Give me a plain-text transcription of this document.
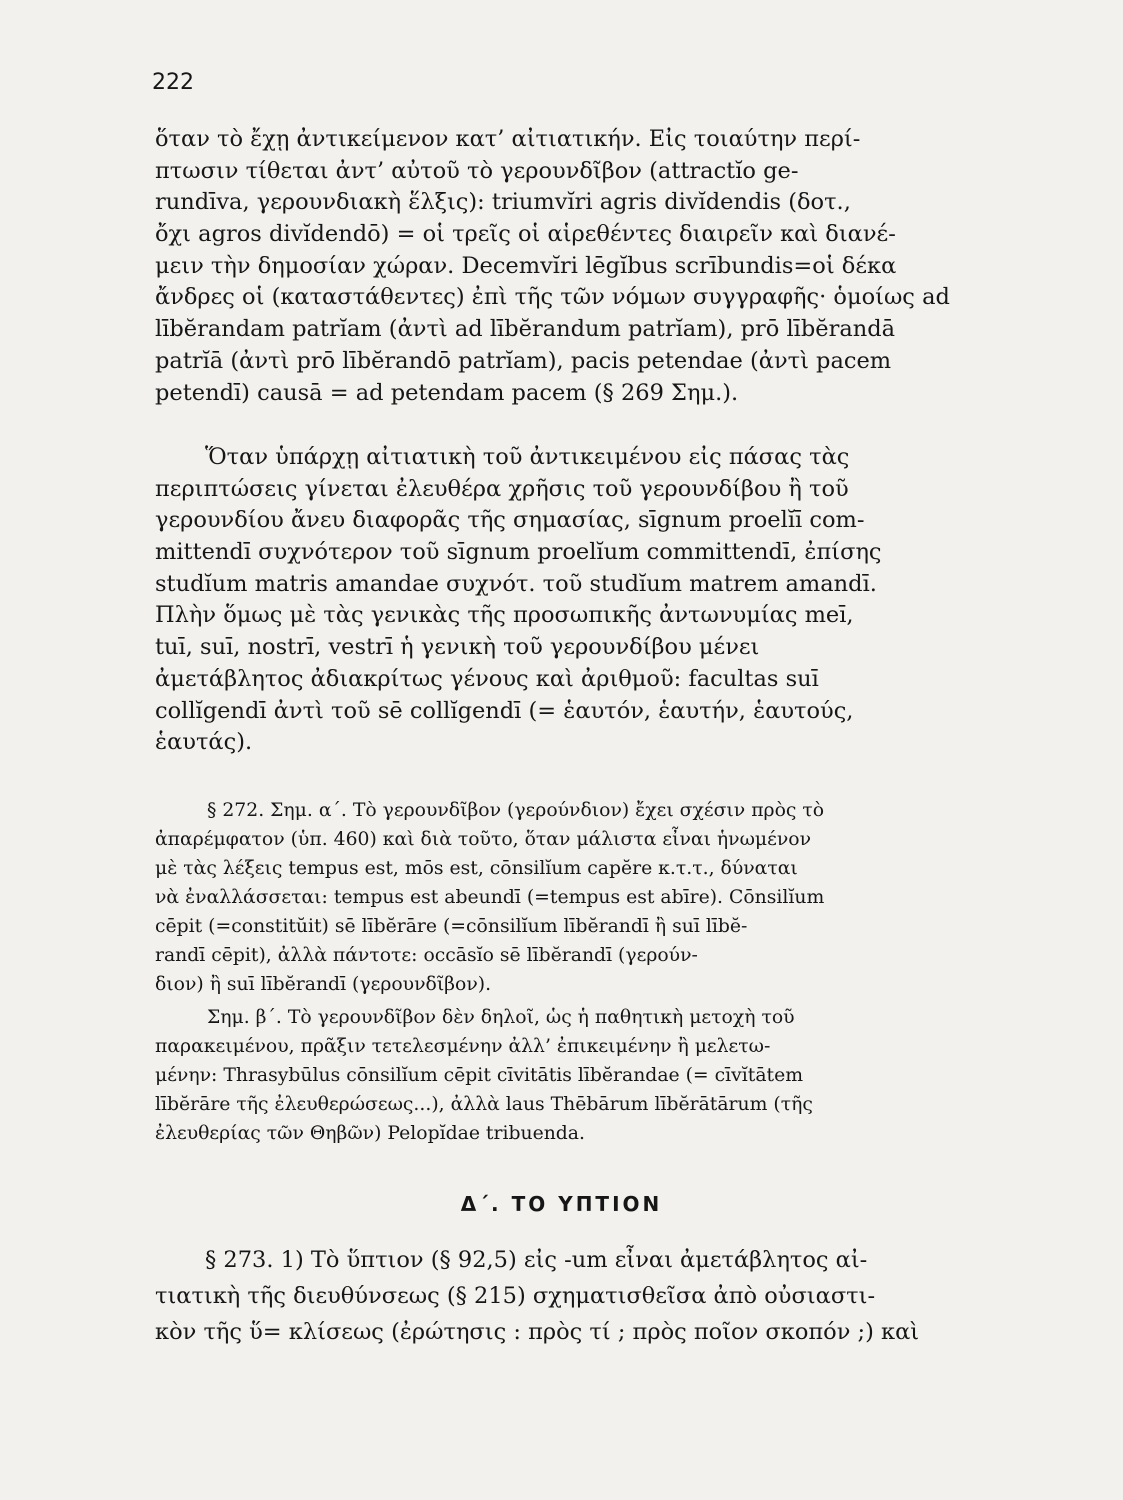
222
ὅταν τὸ ἔχῃ ἀντικείμενον κατ’ αἰτιατικήν. Εἰς τοιαύτην περί-
πτωσιν τίθεται ἀντ’ αὐτοῦ τὸ γερουνδῖβον (attractĭo ge-
rundīva, γερουνδιακὴ ἕλξις): triumvĭri agris divĭdendis (δοτ.,
ὄχι agros divĭdendō) = οἱ τρεῖς οἱ αἱρεθέντες διαιρεῖν καὶ διανέ-
μειν τὴν δημοσίαν χώραν. Decemvĭri lēgĭbus scrībundis=οἱ δέκα
ἄνδρες οἱ (καταστάθεντες) ἐπὶ τῆς τῶν νόμων συγγραφῆς· ὁμοίως ad
lībĕrandam patrĭam (ἀντὶ ad lībĕrandum patrĭam), prō lībĕrandā
patrĭā (ἀντὶ prō lībĕrandō patrĭam), pacis petendae (ἀντὶ pacem
petendī) causā = ad petendam pacem (§ 269 Σημ.).
Ὅταν ὑπάρχῃ αἰτιατικὴ τοῦ ἀντικειμένου εἰς πάσας τὰς
περιπτώσεις γίνεται ἐλευθέρα χρῆσις τοῦ γερουνδίβου ἢ τοῦ
γερουνδίου ἄνευ διαφορᾶς τῆς σημασίας, sīgnum proelĭī com-
mittendī συχνότερον τοῦ sīgnum proelĭum committendī, ἐπίσης
studĭum matris amandae συχνότ. τοῦ studĭum matrem amandī.
Πλὴν ὅμως μὲ τὰς γενικὰς τῆς προσωπικῆς ἀντωνυμίας meī,
tuī, suī, nostrī, vestrī ἡ γενικὴ τοῦ γερουνδίβου μένει
ἀμετάβλητος ἀδιακρίτως γένους καὶ ἀριθμοῦ: facultas suī
collĭgendī ἀντὶ τοῦ sē collĭgendī (= ἑαυτόν, ἑαυτήν, ἑαυτούς,
ἑαυτάς).
§ 272. Σημ. α΄. Τὸ γερουνδῖβον (γερούνδιον) ἔχει σχέσιν πρὸς τὸ
ἀπαρέμφατον (ὑπ. 460) καὶ διὰ τοῦτο, ὅταν μάλιστα εἶναι ἡνωμένον
μὲ τὰς λέξεις tempus est, mōs est, cōnsilĭum capĕre κ.τ.τ., δύναται
νὰ ἐναλλάσσεται: tempus est abeundī (=tempus est abīre). Cōnsilĭum
cēpit (=constitŭit) sē lībĕrāre (=cōnsilĭum lībĕrandī ἢ suī lībĕ-
randī cēpit), ἀλλὰ πάντοτε: occāsĭo sē lībĕrandī (γερούν-
διον) ἢ suī lībĕrandī (γερουνδῖβον).
Σημ. β΄. Τὸ γερουνδῖβον δὲν δηλοῖ, ὡς ἡ παθητικὴ μετοχὴ τοῦ
παρακειμένου, πρᾶξιν τετελεσμένην ἀλλ’ ἐπικειμένην ἢ μελετω-
μένην: Thrasybūlus cōnsilĭum cēpit cīvitātis lībĕrandae (= cīvĭtātem
lībĕrāre τῆς ἐλευθερώσεως...), ἀλλὰ laus Thēbārum lībĕrātārum (τῆς
ἐλευθερίας τῶν Θηβῶν) Pelopĭdae tribuenda.
Δ΄. ΤΟ ΥΠΤΙΟΝ
§ 273. 1) Τὸ ὕπτιον (§ 92,5) εἰς -um εἶναι ἀμετάβλητος αἰ-
τιατικὴ τῆς διευθύνσεως (§ 215) σχηματισθεῖσα ἀπὸ οὐσιαστι-
κὸν τῆς ὕ= κλίσεως (ἐρώτησις : πρὸς τί ; πρὸς ποῖον σκοπόν ;) καὶ
